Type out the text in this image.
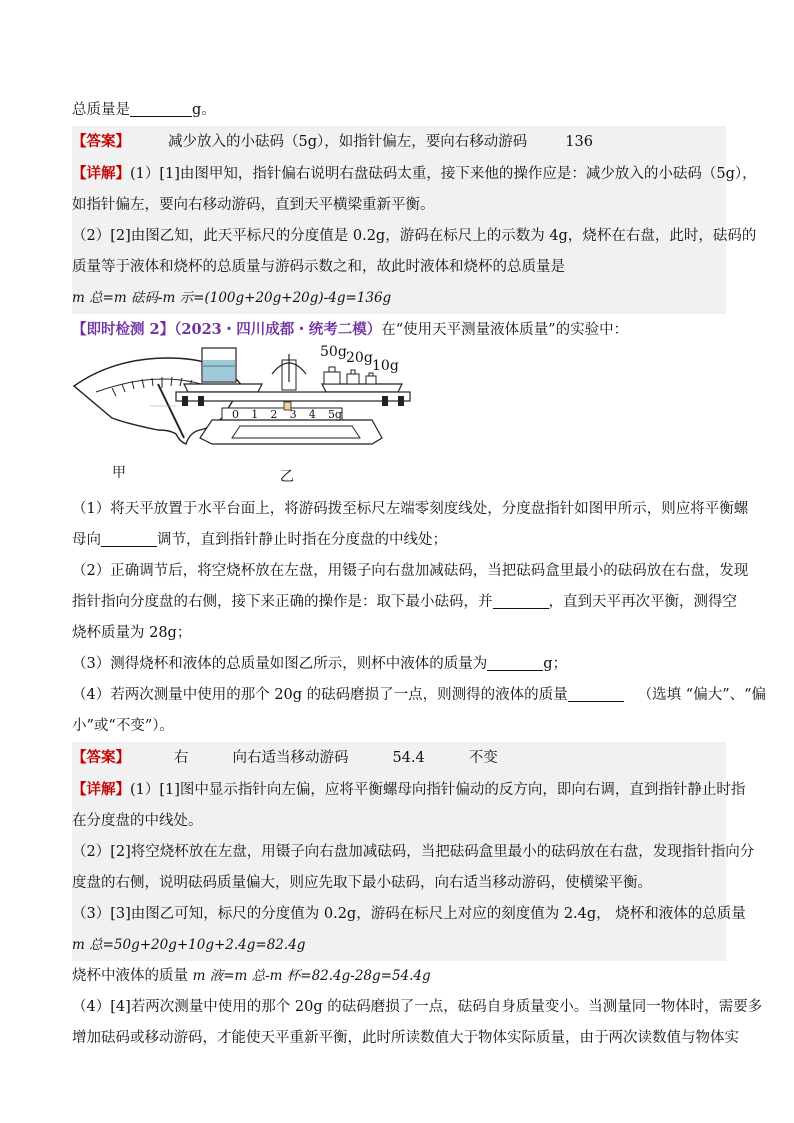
总质量是	g。
【答案】	减少放入的小砝码（5g），如指针偏左，要向右移动游码	136
【详解】(1）[1]由图甲知，指针偏右说明右盘砝码太重，接下来他的操作应是：减少放入的小砝码（5g），
如指针偏左，要向右移动游码，直到天平横梁重新平衡。
（2）[2]由图乙知，此天平标尺的分度值是 0.2g，游码在标尺上的示数为 4g，烧杯在右盘，此时，砝码的
质量等于液体和烧杯的总质量与游码示数之和，故此时液体和烧杯的总质量是
m 总=m 砝码-m 示=(100g+20g+20g)-4g=136g
【即时检测 2】（2023・四川成都・统考二模）在“使用天平测量液体质量”的实验中：
50g 20g 10g
0 1 2 3 4 5g
甲	乙
（1）将天平放置于水平台面上，将游码拨至标尺左端零刻度线处，分度盘指针如图甲所示，则应将平衡螺
母向	调节，直到指针静止时指在分度盘的中线处；
（2）正确调节后，将空烧杯放在左盘，用镊子向右盘加减砝码，当把砝码盒里最小的砝码放在右盘，发现
指针指向分度盘的右侧，接下来正确的操作是：取下最小砝码，并	，直到天平再次平衡，测得空
烧杯质量为 28g；
（3）测得烧杯和液体的总质量如图乙所示，则杯中液体的质量为	g；
（4）若两次测量中使用的那个 20g 的砝码磨损了一点，则测得的液体的质量	（选填 “偏大”、“偏
小”或“不变”）。
【答案】	右	向右适当移动游码	54.4	不变
【详解】(1）[1]图中显示指针向左偏，应将平衡螺母向指针偏动的反方向，即向右调，直到指针静止时指
在分度盘的中线处。
（2）[2]将空烧杯放在左盘，用镊子向右盘加减砝码，当把砝码盒里最小的砝码放在右盘，发现指针指向分
度盘的右侧，说明砝码质量偏大，则应先取下最小砝码，向右适当移动游码，使横梁平衡。
（3）[3]由图乙可知，标尺的分度值为 0.2g，游码在标尺上对应的刻度值为 2.4g， 烧杯和液体的总质量
m 总=50g+20g+10g+2.4g=82.4g
烧杯中液体的质量 m 液=m 总-m 杯=82.4g-28g=54.4g
（4）[4]若两次测量中使用的那个 20g 的砝码磨损了一点，砝码自身质量变小。当测量同一物体时，需要多
增加砝码或移动游码，才能使天平重新平衡，此时所读数值大于物体实际质量，由于两次读数值与物体实
